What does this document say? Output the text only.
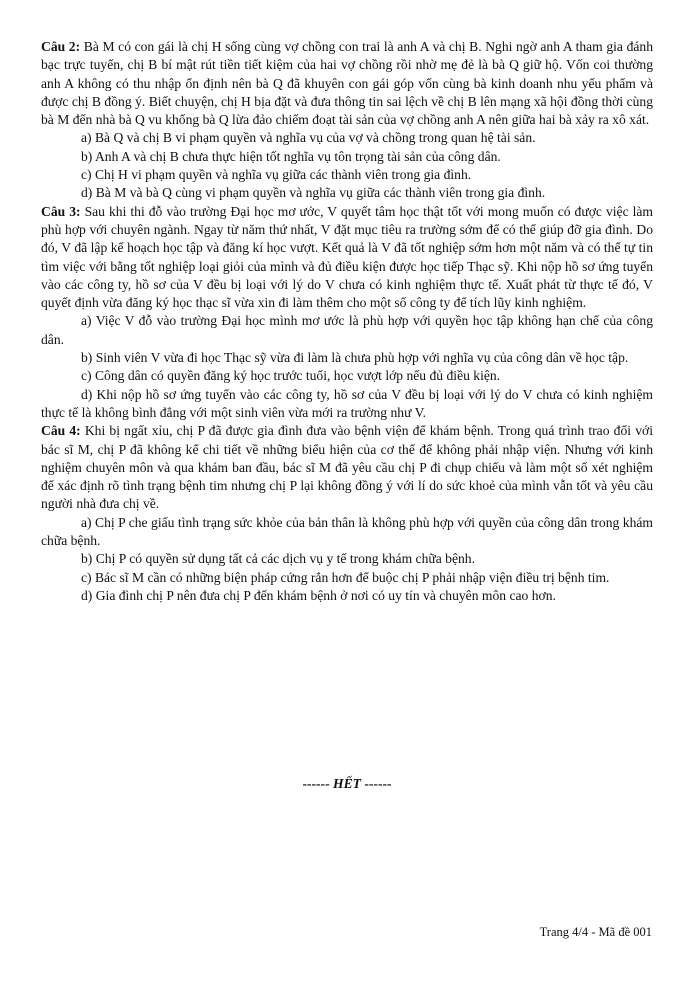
Câu 2: Bà M có con gái là chị H sống cùng vợ chồng con trai là anh A và chị B. Nghi ngờ anh A tham gia đánh bạc trực tuyến, chị B bí mật rút tiền tiết kiệm của hai vợ chồng rồi nhờ mẹ đẻ là bà Q giữ hộ. Vốn coi thường anh A không có thu nhập ổn định nên bà Q đã khuyên con gái góp vốn cùng bà kinh doanh nhu yếu phẩm và được chị B đồng ý. Biết chuyện, chị H bịa đặt và đưa thông tin sai lệch về chị B lên mạng xã hội đồng thời cùng bà M đến nhà bà Q vu khống bà Q lừa đảo chiếm đoạt tài sản của vợ chồng anh A nên giữa hai bà xảy ra xô xát.

a) Bà Q và chị B vi phạm quyền và nghĩa vụ của vợ và chồng trong quan hệ tài sản.

b) Anh A và chị B chưa thực hiện tốt nghĩa vụ tôn trọng tài sản của công dân.

c) Chị H vi phạm quyền và nghĩa vụ giữa các thành viên trong gia đình.

d) Bà M và bà Q cùng vi phạm quyền và nghĩa vụ giữa các thành viên trong gia đình.

Câu 3: Sau khi thi đỗ vào trường Đại học mơ ước, V quyết tâm học thật tốt với mong muốn có được việc làm phù hợp với chuyên ngành. Ngay từ năm thứ nhất, V đặt mục tiêu ra trường sớm để có thể giúp đỡ gia đình. Do đó, V đã lập kế hoạch học tập và đăng kí học vượt. Kết quả là V đã tốt nghiệp sớm hơn một năm và có thể tự tin tìm việc với bằng tốt nghiệp loại giỏi của mình và đủ điều kiện được học tiếp Thạc sỹ. Khi nộp hồ sơ ứng tuyển vào các công ty, hồ sơ của V đều bị loại với lý do V chưa có kinh nghiệm thực tế. Xuất phát từ thực tế đó, V quyết định vừa đăng ký học thạc sĩ vừa xin đi làm thêm cho một số công ty để tích lũy kinh nghiệm.

a) Việc V đỗ vào trường Đại học mình mơ ước là phù hợp với quyền học tập không hạn chế của công dân.

b) Sinh viên V vừa đi học Thạc sỹ vừa đi làm là chưa phù hợp với nghĩa vụ của công dân về học tập.

c) Công dân có quyền đăng ký học trước tuổi, học vượt lớp nếu đủ điều kiện.

d) Khi nộp hồ sơ ứng tuyển vào các công ty, hồ sơ của V đều bị loại với lý do V chưa có kinh nghiệm thực tế là không bình đẳng với một sinh viên vừa mới ra trường như V.

Câu 4: Khi bị ngất xỉu, chị P đã được gia đình đưa vào bệnh viện để khám bệnh. Trong quá trình trao đổi với bác sĩ M, chị P đã không kể chi tiết về những biểu hiện của cơ thể để không phải nhập viện. Nhưng với kinh nghiệm chuyên môn và qua khám ban đầu, bác sĩ M đã yêu cầu chị P đi chụp chiếu và làm một số xét nghiệm để xác định rõ tình trạng bệnh tim nhưng chị P lại không đồng ý với lí do sức khoẻ của mình vẫn tốt và yêu cầu người nhà đưa chị về.

a) Chị P che giấu tình trạng sức khỏe của bản thân là không phù hợp với quyền của công dân trong khám chữa bệnh.

b) Chị P có quyền sử dụng tất cả các dịch vụ y tế trong khám chữa bệnh.

c) Bác sĩ M cần có những biện pháp cứng rắn hơn để buộc chị P phải nhập viện điều trị bệnh tim.

d) Gia đình chị P nên đưa chị P đến khám bệnh ở nơi có uy tín và chuyên môn cao hơn.

------ HẾT ------
Trang 4/4 - Mã đề 001
